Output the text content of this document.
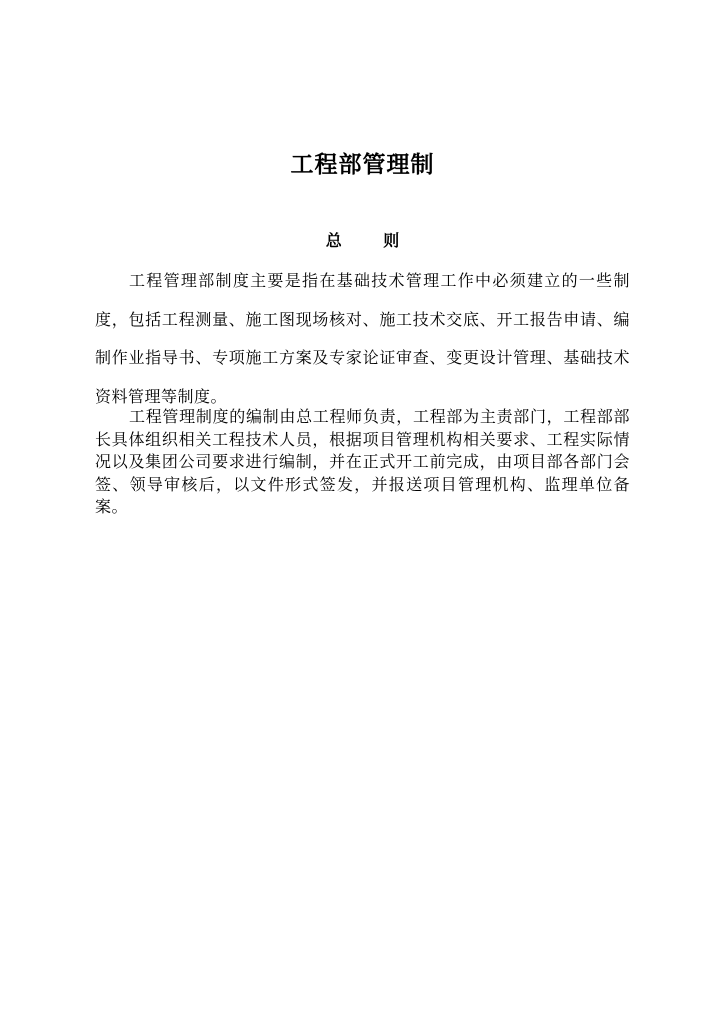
工程部管理制
总 则

工程管理部制度主要是指在基础技术管理工作中必须建立的一些制度，包括工程测量、施工图现场核对、施工技术交底、开工报告申请、编制作业指导书、专项施工方案及专家论证审查、变更设计管理、基础技术资料管理等制度。

工程管理制度的编制由总工程师负责，工程部为主责部门，工程部部长具体组织相关工程技术人员，根据项目管理机构相关要求、工程实际情况以及集团公司要求进行编制，并在正式开工前完成，由项目部各部门会签、领导审核后，以文件形式签发，并报送项目管理机构、监理单位备案。
